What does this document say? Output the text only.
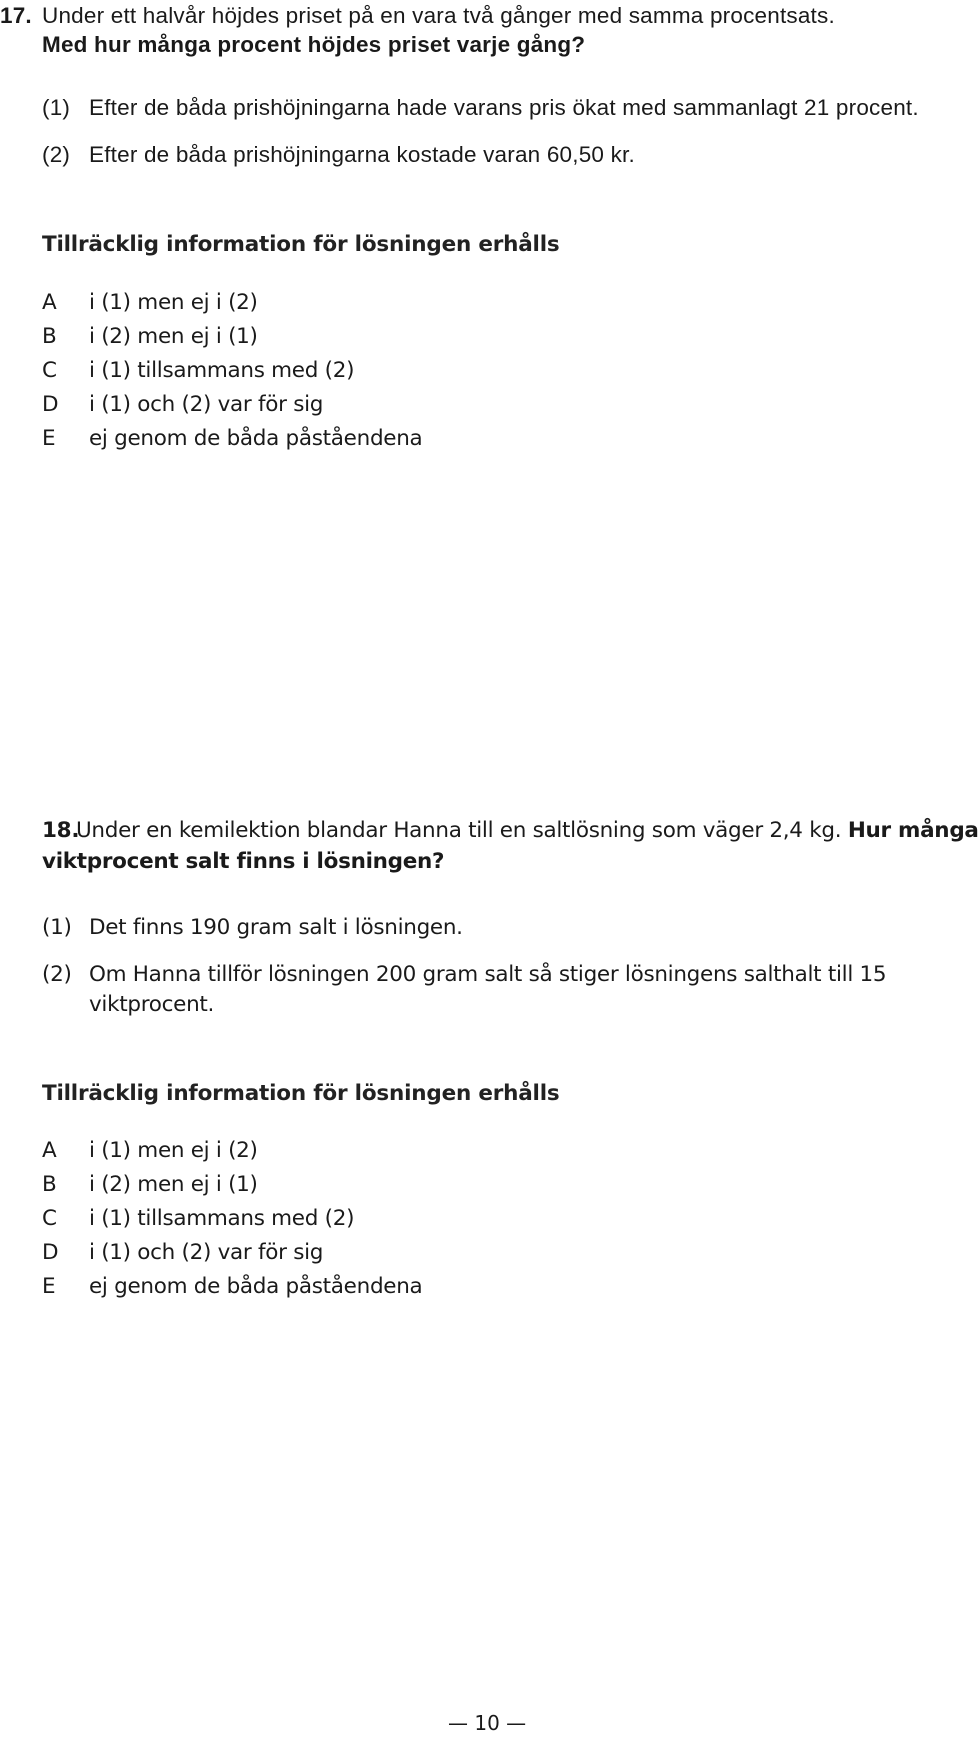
17. Under ett halvår höjdes priset på en vara två gånger med samma procentsats.
Med hur många procent höjdes priset varje gång?
(1) Efter de båda prishöjningarna hade varans pris ökat med sammanlagt 21 procent.
(2) Efter de båda prishöjningarna kostade varan 60,50 kr.
Tillräcklig information för lösningen erhålls
A i (1) men ej i (2)
B i (2) men ej i (1)
C i (1) tillsammans med (2)
D i (1) och (2) var för sig
E ej genom de båda påståendena
18.
Under en kemilektion blandar Hanna till en saltlösning som väger 2,4 kg. Hur många
viktprocent salt finns i lösningen?
(1) Det finns 190 gram salt i lösningen.
(2) Om Hanna tillför lösningen 200 gram salt så stiger lösningens salthalt till 15
viktprocent.
Tillräcklig information för lösningen erhålls
A i (1) men ej i (2)
B i (2) men ej i (1)
C i (1) tillsammans med (2)
D i (1) och (2) var för sig
E ej genom de båda påståendena
— 10 —
